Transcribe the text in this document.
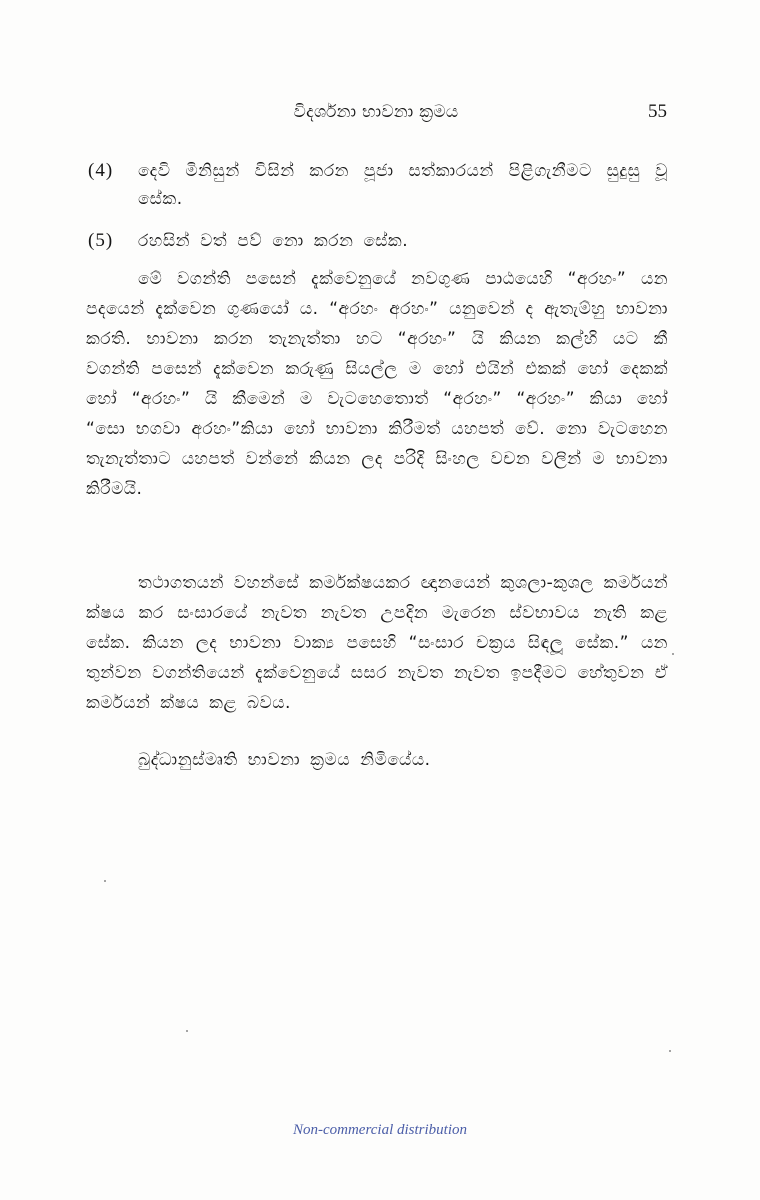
විදර්ශනා භාවනා ක්‍රමය	55
(4) දෙවි මිනිසුන් විසින් කරන පූජා සත්කාරයන් පිළිගැනීමට සුදුසු වූ සේක.
(5) රහසින් වත් පව් නො කරන සේක.

මේ වගන්ති පසෙන් දැක්වෙනුයේ නවගුණ පාඨයෙහි “අරහං” යන පදයෙන් දැක්වෙන ගුණයෝ ය. “අරහං අරහං” යනුවෙන් ද ඇතැම්හු භාවනා කරති. භාවනා කරන තැනැත්තා හට “අරහං” යි කියන කල්හි යට කී වගන්ති පසෙන් දැක්වෙන කරුණු සියල්ල ම හෝ එයින් එකක් හෝ දෙකක් හෝ “අරහං” යි කීමෙන් ම වැටහෙතොත් “අරහං” “අරහං” කියා හෝ “සො භගවා අරහං”කියා හෝ භාවනා කිරීමත් යහපත් වේ. නො වැටහෙන තැනැත්තාට යහපත් වන්නේ කියන ලද පරිදි සිංහල වචන වලින් ම භාවනා කිරීමයි.

තථාගතයන් වහන්සේ කර්මක්ෂයකර ඥානයෙන් කුශලා-කුශල කර්මයන් ක්ෂය කර සංසාරයේ නැවත නැවත උපදින මැරෙන ස්වභාවය නැති කළ සේක. කියන ලද භාවනා වාක්‍ය පසෙහි “සංසාර චක්‍රය සිඳලූ සේක.” යන තුන්වන වගන්තියෙන් දැක්වෙනුයේ සසර නැවත නැවත ඉපදීමට හේතුවන ඒ කර්මයන් ක්ෂය කළ බවය.

බුද්ධානුස්මෘති භාවනා ක්‍රමය නිමියේය.
Non-commercial distribution
